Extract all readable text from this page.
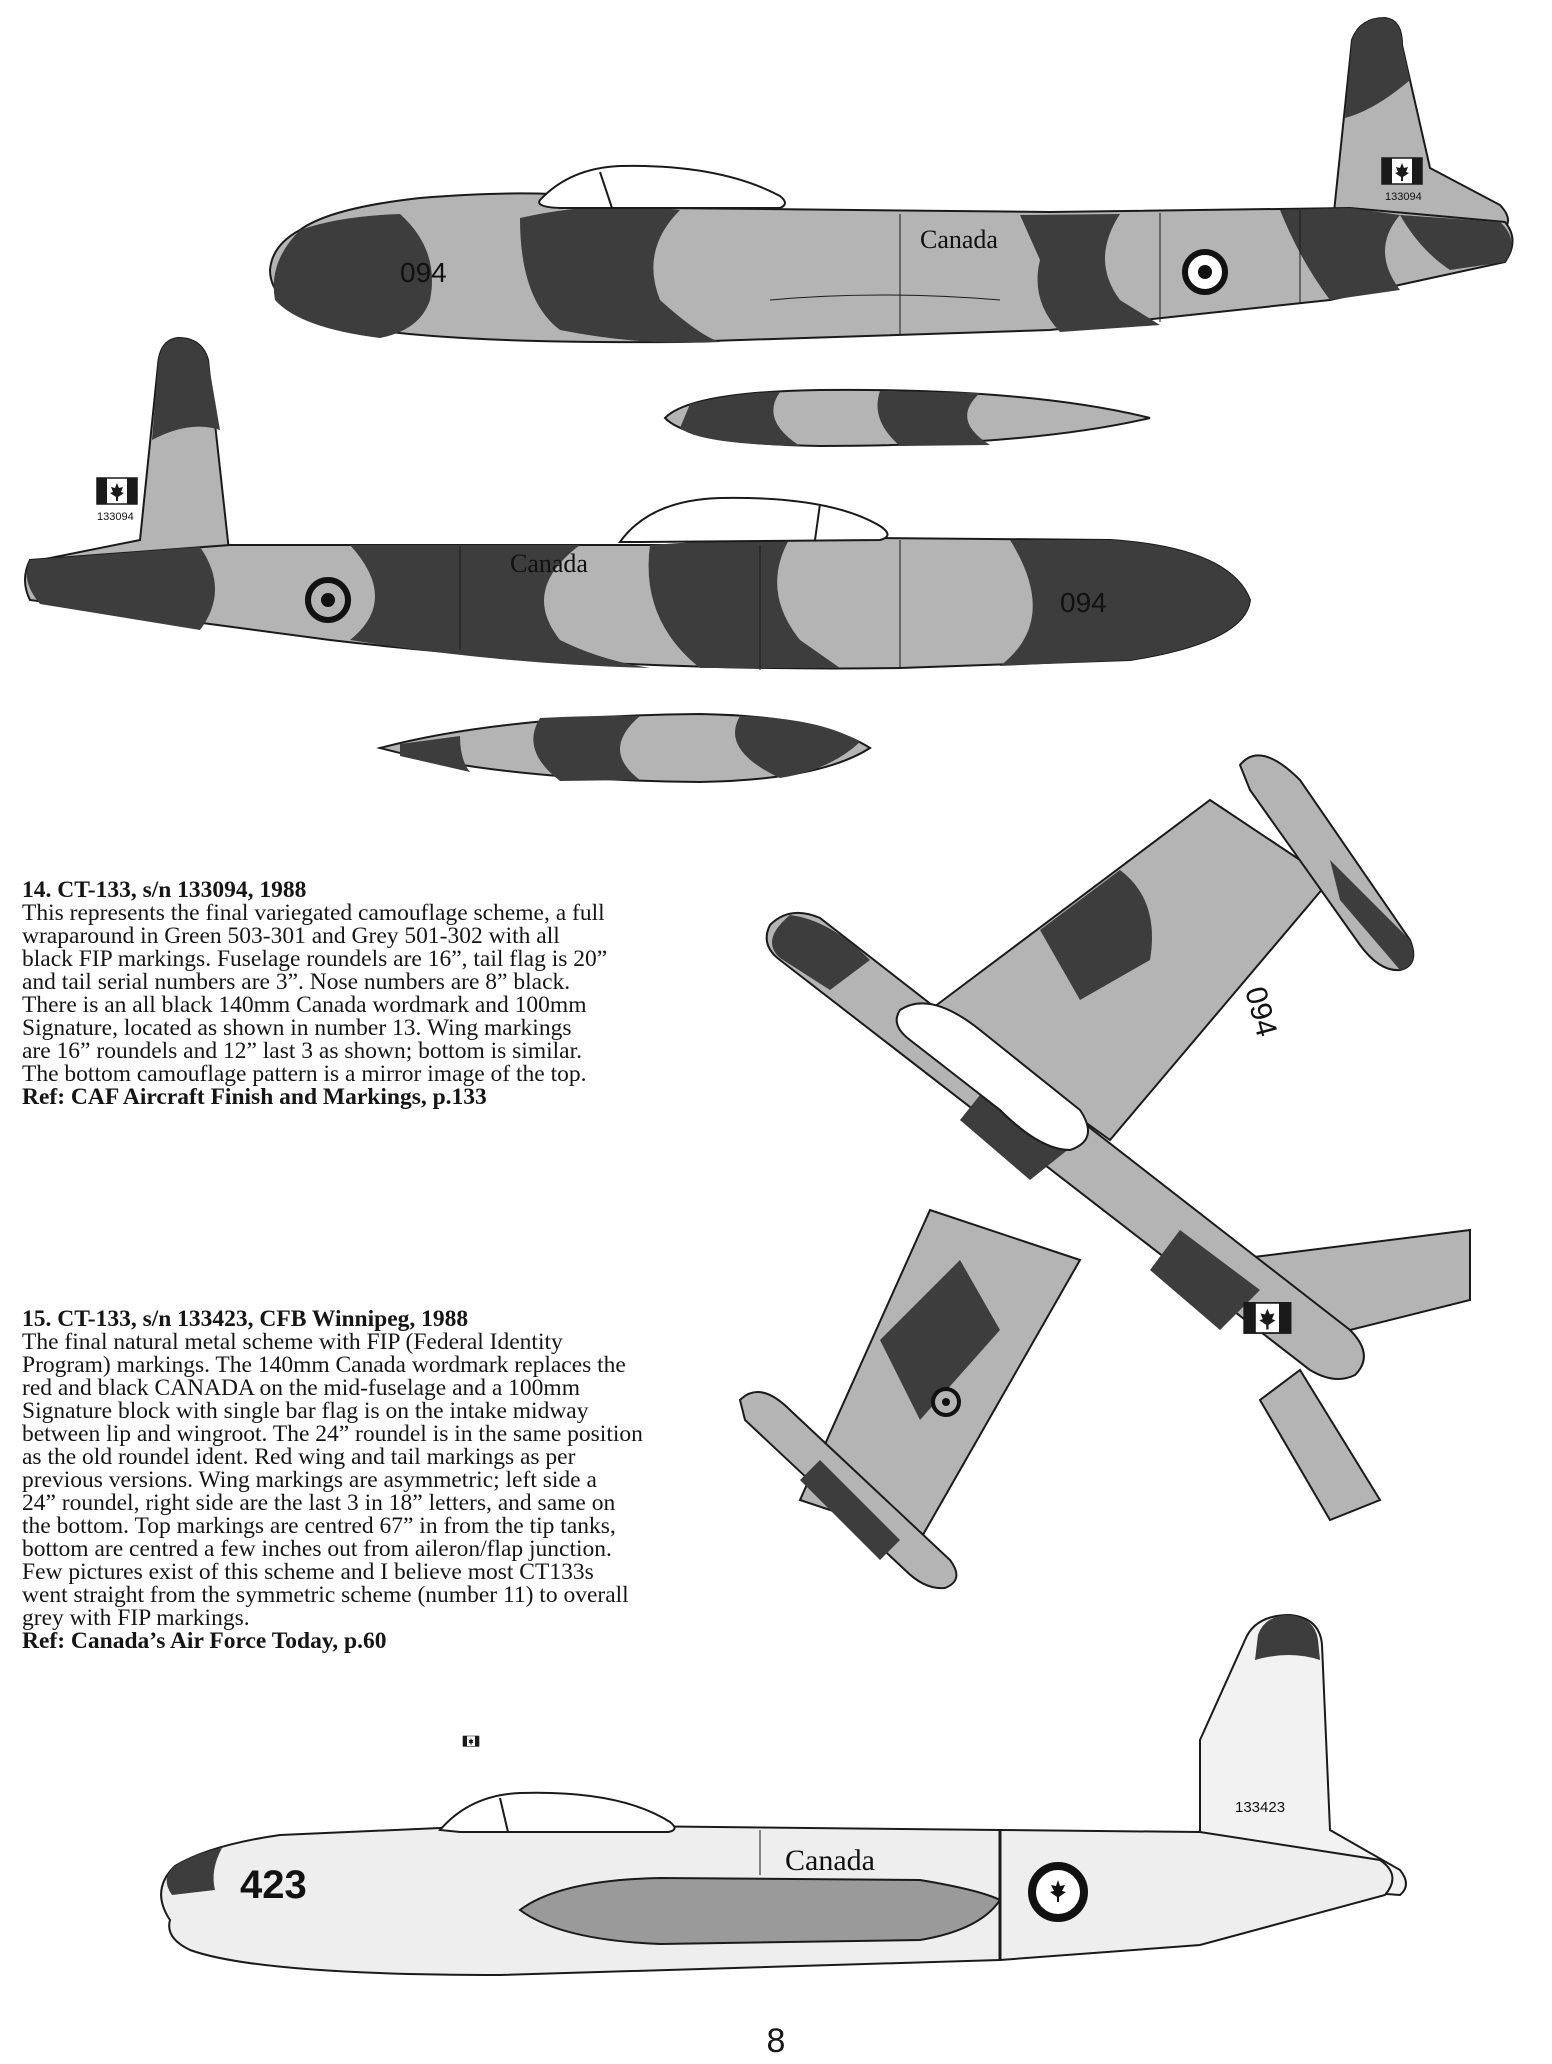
094
Canada
133094
Canada
094
133094
094
423
Canada
133423

14. CT-133, s/n 133094, 1988

This represents the final variegated camouflage scheme, a full

wraparound in Green 503-301 and Grey 501-302 with all

black FIP markings. Fuselage roundels are 16”, tail flag is 20”

and tail serial numbers are 3”. Nose numbers are 8” black.

There is an all black 140mm Canada wordmark and 100mm

Signature, located as shown in number 13. Wing markings

are 16” roundels and 12” last 3 as shown; bottom is similar.

The bottom camouflage pattern is a mirror image of the top.

Ref: CAF Aircraft Finish and Markings, p.133

15. CT-133, s/n 133423, CFB Winnipeg, 1988

The final natural metal scheme with FIP (Federal Identity

Program) markings. The 140mm Canada wordmark replaces the

red and black CANADA on the mid-fuselage and a 100mm

Signature block with single bar flag is on the intake midway

between lip and wingroot. The 24” roundel is in the same position

as the old roundel ident. Red wing and tail markings as per

previous versions. Wing markings are asymmetric; left side a

24” roundel, right side are the last 3 in 18” letters, and same on

the bottom. Top markings are centred 67” in from the tip tanks,

bottom are centred a few inches out from aileron/flap junction.

Few pictures exist of this scheme and I believe most CT133s

went straight from the symmetric scheme (number 11) to overall

grey with FIP markings.

Ref: Canada’s Air Force Today, p.60

8
